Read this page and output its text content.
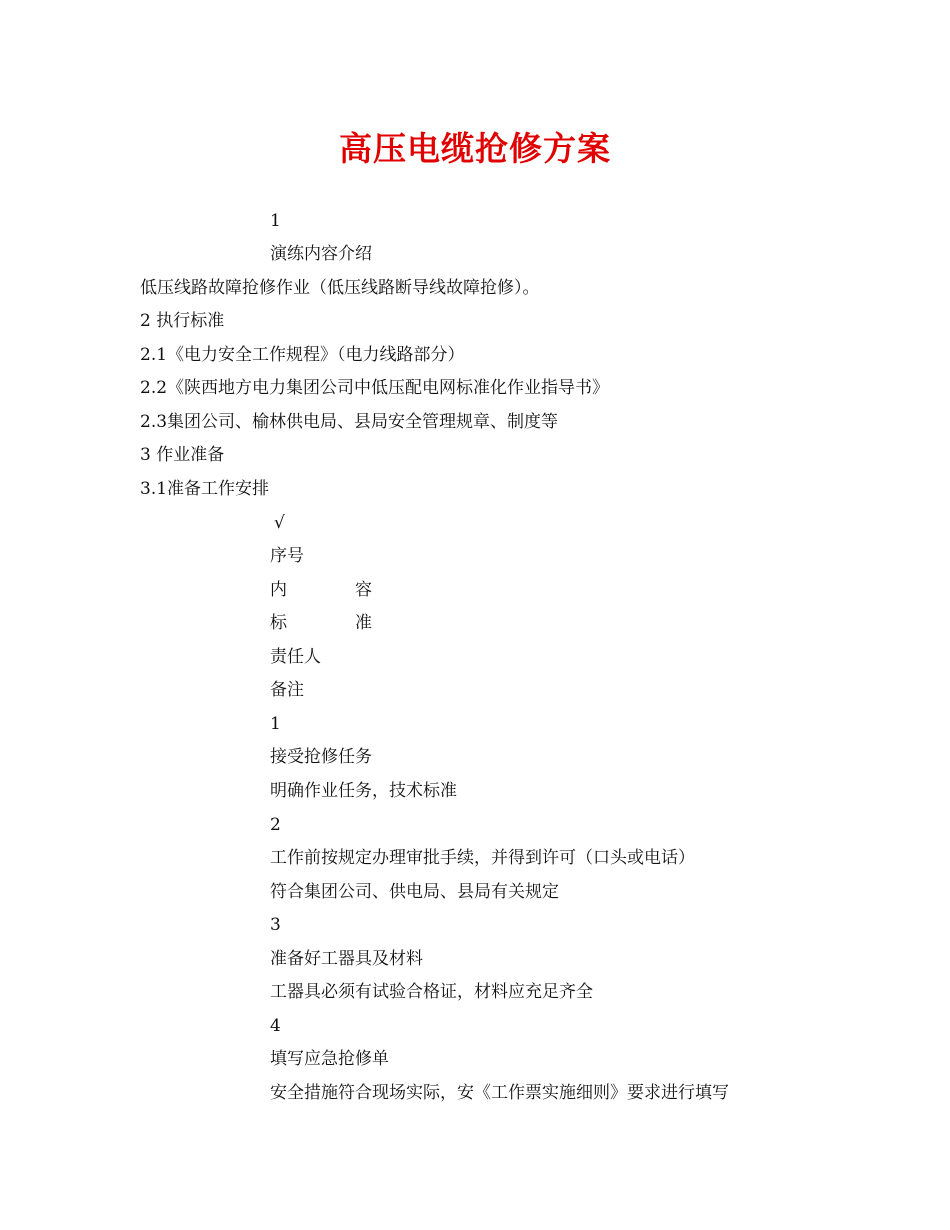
高压电缆抢修方案
1
演练内容介绍
低压线路故障抢修作业（低压线路断导线故障抢修）。
2 执行标准
2.1《电力安全工作规程》（电力线路部分）
2.2《陕西地方电力集团公司中低压配电网标准化作业指导书》
2.3集团公司、榆林供电局、县局安全管理规章、制度等
3 作业准备
3.1准备工作安排
√
序号
内	容
标	准
责任人
备注
1
接受抢修任务
明确作业任务，技术标准
2
工作前按规定办理审批手续，并得到许可（口头或电话）
符合集团公司、供电局、县局有关规定
3
准备好工器具及材料
工器具必须有试验合格证，材料应充足齐全
4
填写应急抢修单
安全措施符合现场实际，安《工作票实施细则》要求进行填写
